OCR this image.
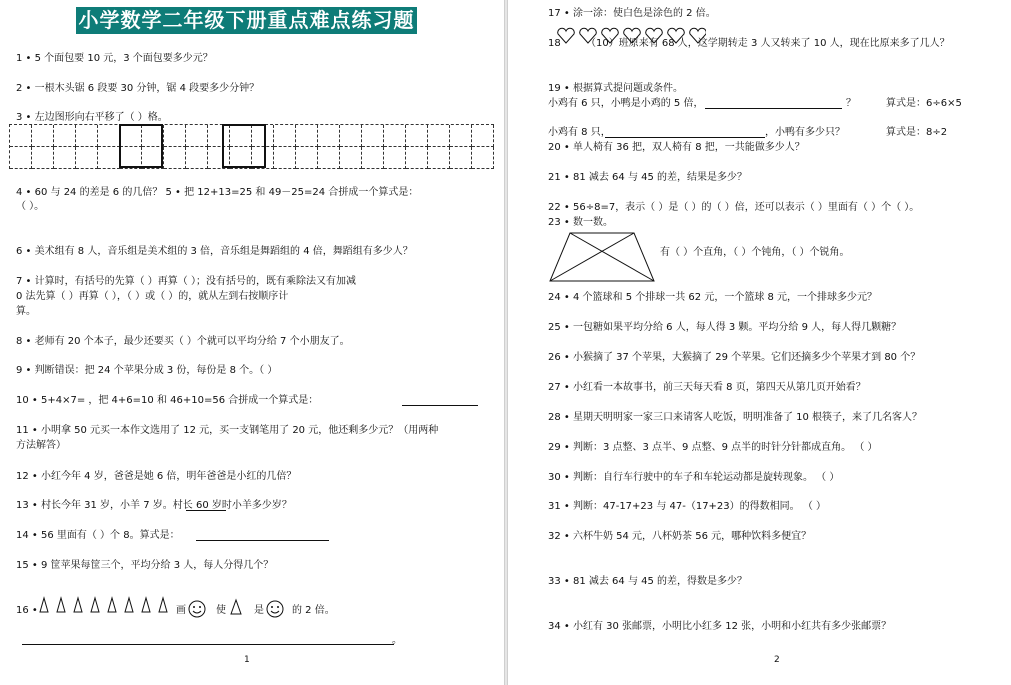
小学数学二年级下册重点难点练习题
1 • 5 个面包要 10 元，3 个面包要多少元？
2 • 一根木头锯 6 段要 30 分钟，锯 4 段要多少分钟？
3 • 左边图形向右平移了（ ）格。
4 • 60 与 24 的差是 6 的几倍？ 5 • 把 12+13=25 和 49－25=24 合拼成一个算式是：
（ ）。
6 • 美术组有 8 人，音乐组是美术组的 3 倍，音乐组是舞蹈组的 4 倍，舞蹈组有多少人？
7 • 计算时，有括号的先算（ ）再算（ ）；没有括号的，既有乘除法又有加减
0 法先算（ ）再算（ ），（ ）或（ ）的，就从左到右按顺序计
算。
8 • 老师有 20 个本子，最少还要买（ ）个就可以平均分给 7 个小朋友了。
9 • 判断错误：把 24 个苹果分成 3 份，每份是 8 个。（ ）
10 • 5+4×7= ，把 4+6=10 和 46+10=56 合拼成一个算式是：
11 • 小明拿 50 元买一本作文选用了 12 元，买一支钢笔用了 20 元，他还剩多少元？（用两种
方法解答）
12 • 小红今年 4 岁，爸爸是她 6 倍，明年爸爸是小红的几倍？
13 • 村长今年 31 岁，小羊 7 岁。村长 60 岁时小羊多少岁？
14 • 56 里面有（ ）个 8。算式是：
15 • 9 筐苹果每筐三个，平均分给 3 人，每人分得几个？
16 •	画	使	是	的 2 倍。
。
1
17 • 涂一涂：使白色是涂色的 2 倍。
18	（10）班原来有 68 人，这学期转走 3 人又转来了 10 人，现在比原来多了几人？
19 • 根据算式提问题或条件。
小鸡有 6 只，小鸭是小鸡的 5 倍，	？	算式是：6÷6×5
小鸡有 8 只，	，小鸭有多少只？	算式是：8÷2
20 • 单人椅有 36 把，双人椅有 8 把，一共能做多少人？
21 • 81 减去 64 与 45 的差，结果是多少？
22 • 56÷8=7，表示（ ）是（ ）的（ ）倍，还可以表示（ ）里面有（ ）个（ ）。
23 • 数一数。
有（ ）个直角，（ ）个钝角，（ ）个锐角。
24 • 4 个篮球和 5 个排球一共 62 元，一个篮球 8 元，一个排球多少元？
25 • 一包糖如果平均分给 6 人，每人得 3 颗。平均分给 9 人，每人得几颗糖？
26 • 小猴摘了 37 个苹果，大猴摘了 29 个苹果。它们还摘多少个苹果才到 80 个？
27 • 小红看一本故事书，前三天每天看 8 页，第四天从第几页开始看？
28 • 星期天明明家一家三口来请客人吃饭，明明准备了 10 根筷子，来了几名客人？
29 • 判断：3 点整、3 点半、9 点整、9 点半的时针分针都成直角。 （ ）
30 • 判断：自行车行驶中的车子和车轮运动都是旋转现象。 （ ）
31 • 判断：47-17+23 与 47-（17+23）的得数相同。 （ ）
32 • 六杯牛奶 54 元，八杯奶茶 56 元，哪种饮料多便宜？
33 • 81 减去 64 与 45 的差，得数是多少？
34 • 小红有 30 张邮票，小明比小红多 12 张，小明和小红共有多少张邮票？
2
